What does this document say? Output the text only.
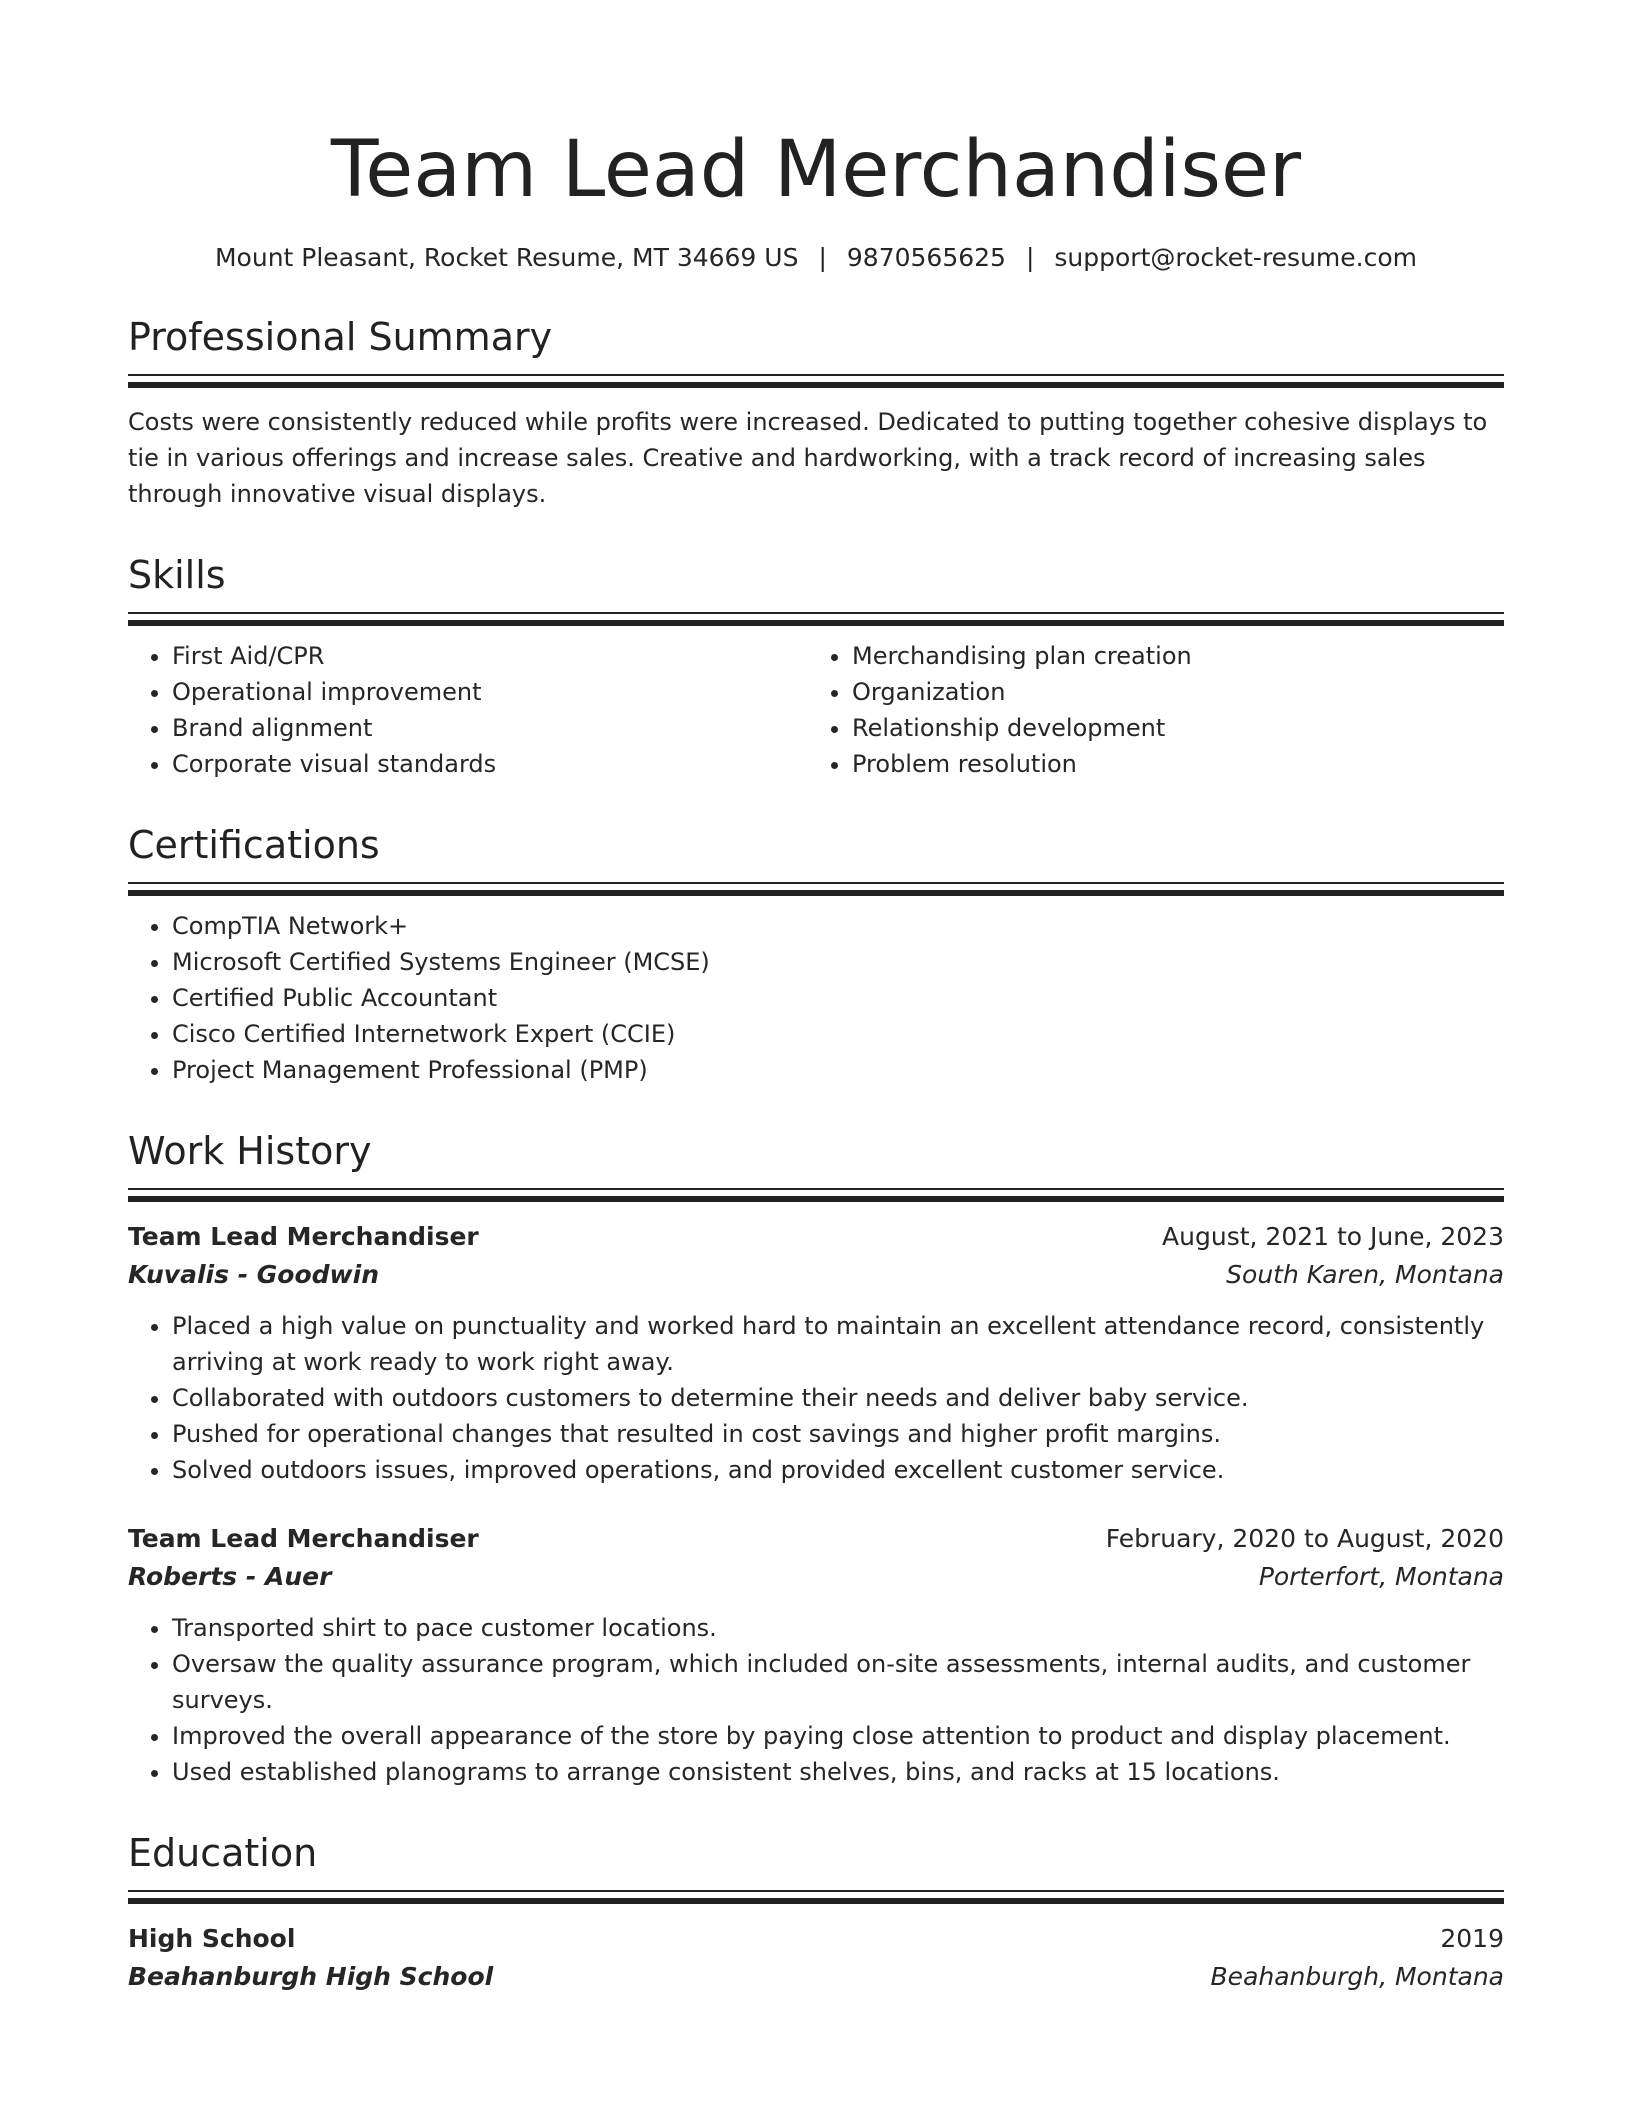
Team Lead Merchandiser
Mount Pleasant, Rocket Resume, MT 34669 US | 9870565625 | support@rocket-resume.com
Professional Summary
Costs were consistently reduced while profits were increased. Dedicated to putting together cohesive displays to tie in various offerings and increase sales. Creative and hardworking, with a track record of increasing sales through innovative visual displays.
Skills
• First Aid/CPR
• Operational improvement
• Brand alignment
• Corporate visual standards
• Merchandising plan creation
• Organization
• Relationship development
• Problem resolution
Certifications
• CompTIA Network+
• Microsoft Certified Systems Engineer (MCSE)
• Certified Public Accountant
• Cisco Certified Internetwork Expert (CCIE)
• Project Management Professional (PMP)
Work History
Team Lead Merchandiser	August, 2021 to June, 2023
Kuvalis - Goodwin	South Karen, Montana
• Placed a high value on punctuality and worked hard to maintain an excellent attendance record, consistently arriving at work ready to work right away.
• Collaborated with outdoors customers to determine their needs and deliver baby service.
• Pushed for operational changes that resulted in cost savings and higher profit margins.
• Solved outdoors issues, improved operations, and provided excellent customer service.
Team Lead Merchandiser	February, 2020 to August, 2020
Roberts - Auer	Porterfort, Montana
• Transported shirt to pace customer locations.
• Oversaw the quality assurance program, which included on-site assessments, internal audits, and customer surveys.
• Improved the overall appearance of the store by paying close attention to product and display placement.
• Used established planograms to arrange consistent shelves, bins, and racks at 15 locations.
Education
High School	2019
Beahanburgh High School	Beahanburgh, Montana
